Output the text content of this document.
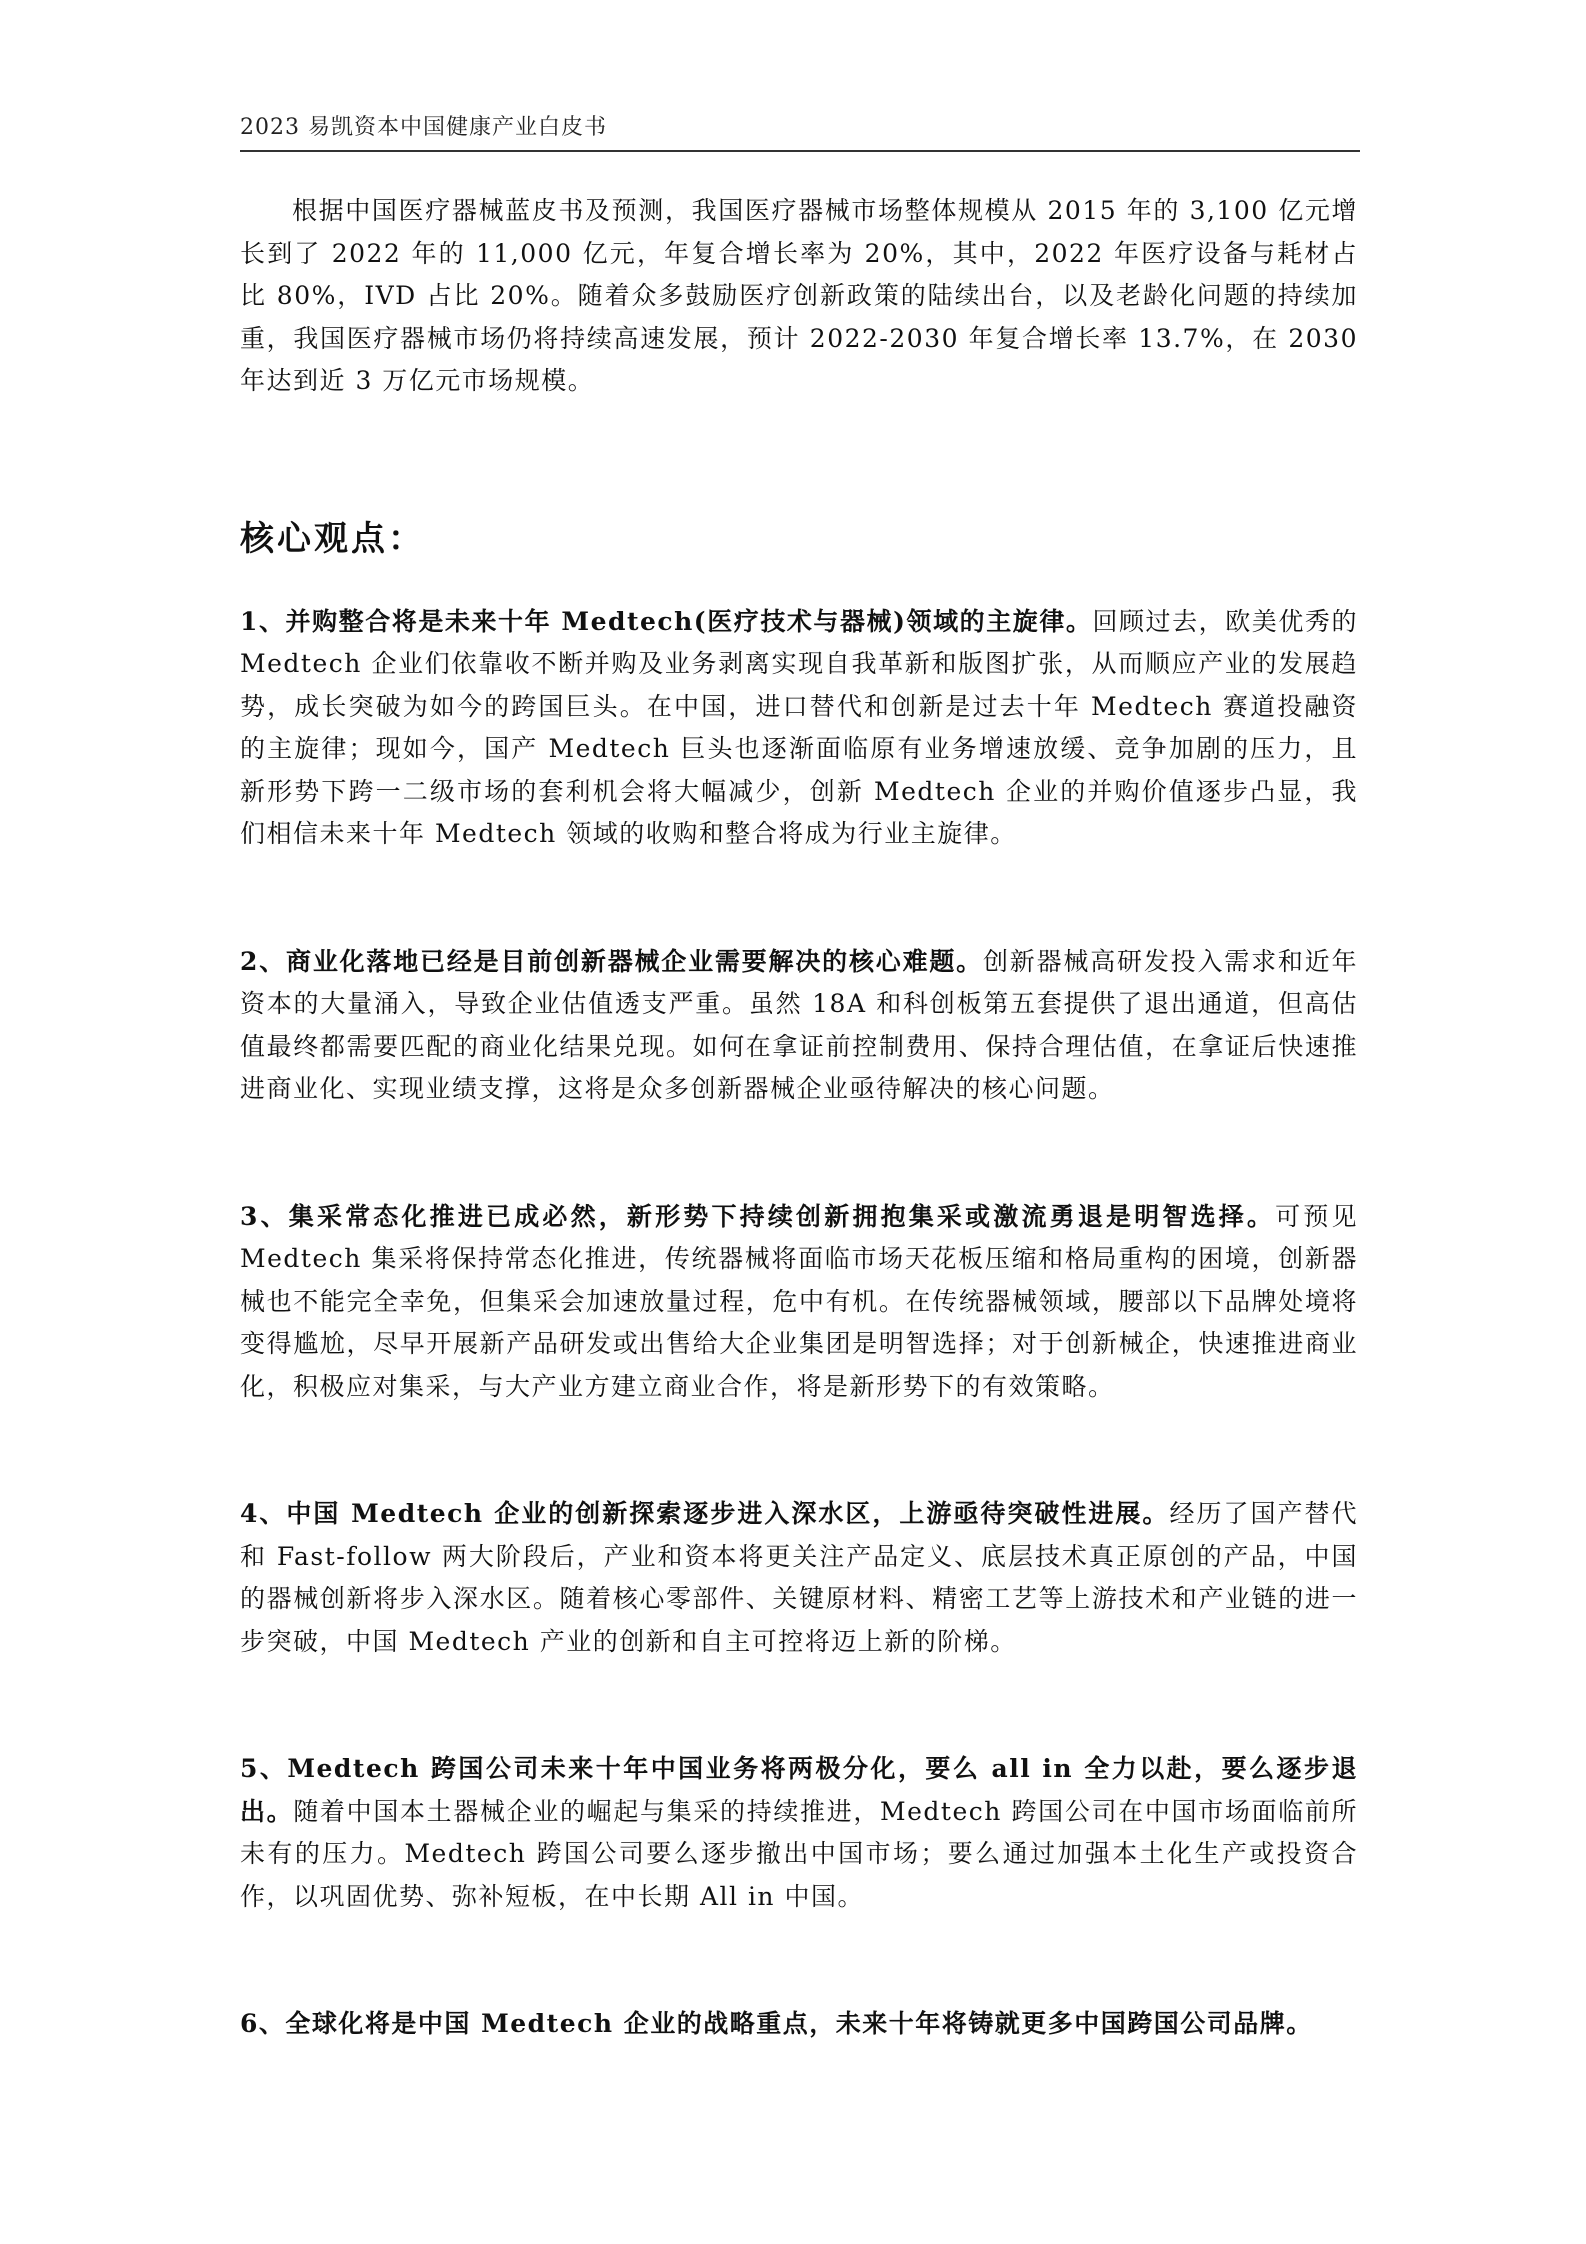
2023 易凯资本中国健康产业白皮书

根据中国医疗器械蓝皮书及预测，我国医疗器械市场整体规模从 2015 年的 3,100 亿元增长到了 2022 年的 11,000 亿元，年复合增长率为 20%，其中，2022 年医疗设备与耗材占比 80%，IVD 占比 20%。随着众多鼓励医疗创新政策的陆续出台，以及老龄化问题的持续加重，我国医疗器械市场仍将持续高速发展，预计 2022-2030 年复合增长率 13.7%，在 2030 年达到近 3 万亿元市场规模。

核心观点：

1、并购整合将是未来十年 Medtech(医疗技术与器械)领域的主旋律。回顾过去，欧美优秀的 Medtech 企业们依靠收不断并购及业务剥离实现自我革新和版图扩张，从而顺应产业的发展趋势，成长突破为如今的跨国巨头。在中国，进口替代和创新是过去十年 Medtech 赛道投融资的主旋律；现如今，国产 Medtech 巨头也逐渐面临原有业务增速放缓、竞争加剧的压力，且新形势下跨一二级市场的套利机会将大幅减少，创新 Medtech 企业的并购价值逐步凸显，我们相信未来十年 Medtech 领域的收购和整合将成为行业主旋律。

2、商业化落地已经是目前创新器械企业需要解决的核心难题。创新器械高研发投入需求和近年资本的大量涌入，导致企业估值透支严重。虽然 18A 和科创板第五套提供了退出通道，但高估值最终都需要匹配的商业化结果兑现。如何在拿证前控制费用、保持合理估值，在拿证后快速推进商业化、实现业绩支撑，这将是众多创新器械企业亟待解决的核心问题。

3、集采常态化推进已成必然，新形势下持续创新拥抱集采或激流勇退是明智选择。可预见 Medtech 集采将保持常态化推进，传统器械将面临市场天花板压缩和格局重构的困境，创新器械也不能完全幸免，但集采会加速放量过程，危中有机。在传统器械领域，腰部以下品牌处境将变得尴尬，尽早开展新产品研发或出售给大企业集团是明智选择；对于创新械企，快速推进商业化，积极应对集采，与大产业方建立商业合作，将是新形势下的有效策略。

4、中国 Medtech 企业的创新探索逐步进入深水区，上游亟待突破性进展。经历了国产替代和 Fast-follow 两大阶段后，产业和资本将更关注产品定义、底层技术真正原创的产品，中国的器械创新将步入深水区。随着核心零部件、关键原材料、精密工艺等上游技术和产业链的进一步突破，中国 Medtech 产业的创新和自主可控将迈上新的阶梯。

5、Medtech 跨国公司未来十年中国业务将两极分化，要么 all in 全力以赴，要么逐步退出。随着中国本土器械企业的崛起与集采的持续推进，Medtech 跨国公司在中国市场面临前所未有的压力。Medtech 跨国公司要么逐步撤出中国市场；要么通过加强本土化生产或投资合作，以巩固优势、弥补短板，在中长期 All in 中国。

6、全球化将是中国 Medtech 企业的战略重点，未来十年将铸就更多中国跨国公司品牌。
